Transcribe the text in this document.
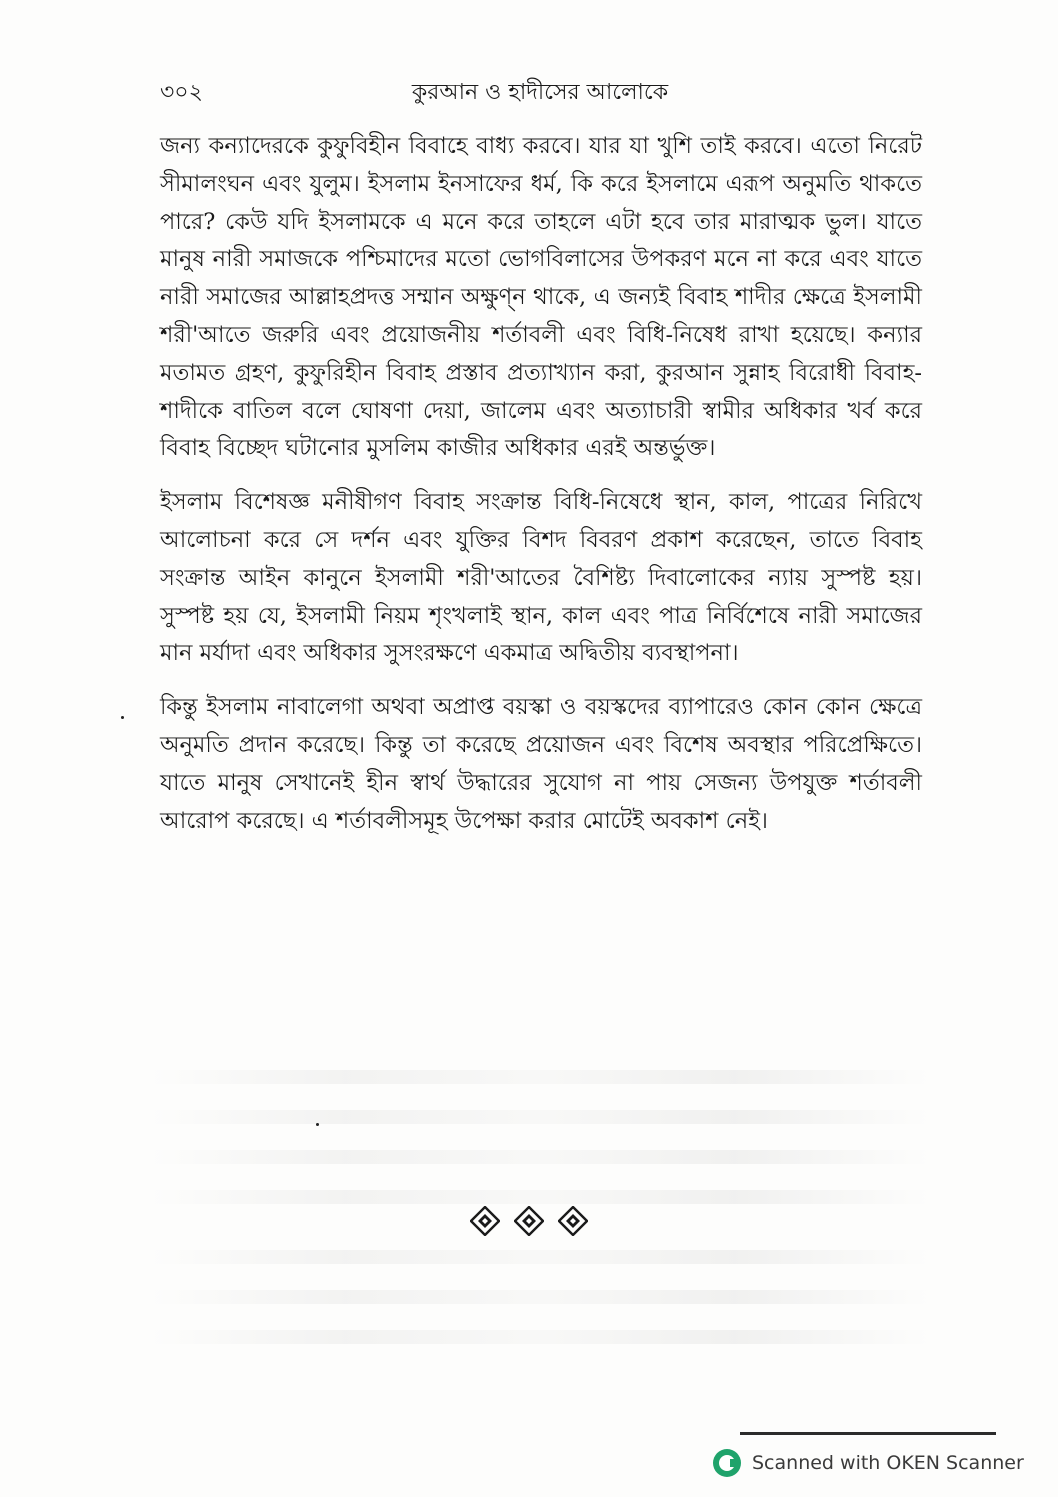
৩০২	কুরআন ও হাদীসের আলোকে

জন্য কন্যাদেরকে কুফুবিহীন বিবাহে বাধ্য করবে। যার যা খুশি তাই করবে। এতো নিরেট সীমালংঘন এবং যুলুম। ইসলাম ইনসাফের ধর্ম, কি করে ইসলামে এরূপ অনুমতি থাকতে পারে? কেউ যদি ইসলামকে এ মনে করে তাহলে এটা হবে তার মারাত্মক ভুল। যাতে মানুষ নারী সমাজকে পশ্চিমাদের মতো ভোগবিলাসের উপকরণ মনে না করে এবং যাতে নারী সমাজের আল্লাহপ্রদত্ত সম্মান অক্ষুণ্ন থাকে, এ জন্যই বিবাহ শাদীর ক্ষেত্রে ইসলামী শরী'আতে জরুরি এবং প্রয়োজনীয় শর্তাবলী এবং বিধি-নিষেধ রাখা হয়েছে। কন্যার মতামত গ্রহণ, কুফুরিহীন বিবাহ প্রস্তাব প্রত্যাখ্যান করা, কুরআন সুন্নাহ বিরোধী বিবাহ-শাদীকে বাতিল বলে ঘোষণা দেয়া, জালেম এবং অত্যাচারী স্বামীর অধিকার খর্ব করে বিবাহ বিচ্ছেদ ঘটানোর মুসলিম কাজীর অধিকার এরই অন্তর্ভুক্ত।

ইসলাম বিশেষজ্ঞ মনীষীগণ বিবাহ সংক্রান্ত বিধি-নিষেধে স্থান, কাল, পাত্রের নিরিখে আলোচনা করে সে দর্শন এবং যুক্তির বিশদ বিবরণ প্রকাশ করেছেন, তাতে বিবাহ সংক্রান্ত আইন কানুনে ইসলামী শরী'আতের বৈশিষ্ট্য দিবালোকের ন্যায় সুস্পষ্ট হয়। সুস্পষ্ট হয় যে, ইসলামী নিয়ম শৃংখলাই স্থান, কাল এবং পাত্র নির্বিশেষে নারী সমাজের মান মর্যাদা এবং অধিকার সুসংরক্ষণে একমাত্র অদ্বিতীয় ব্যবস্থাপনা।

কিন্তু ইসলাম নাবালেগা অথবা অপ্রাপ্ত বয়স্কা ও বয়স্কদের ব্যাপারেও কোন কোন ক্ষেত্রে অনুমতি প্রদান করেছে। কিন্তু তা করেছে প্রয়োজন এবং বিশেষ অবস্থার পরিপ্রেক্ষিতে। যাতে মানুষ সেখানেই হীন স্বার্থ উদ্ধারের সুযোগ না পায় সেজন্য উপযুক্ত শর্তাবলী আরোপ করেছে। এ শর্তাবলীসমূহ উপেক্ষা করার মোটেই অবকাশ নেই।

Scanned with OKEN Scanner
